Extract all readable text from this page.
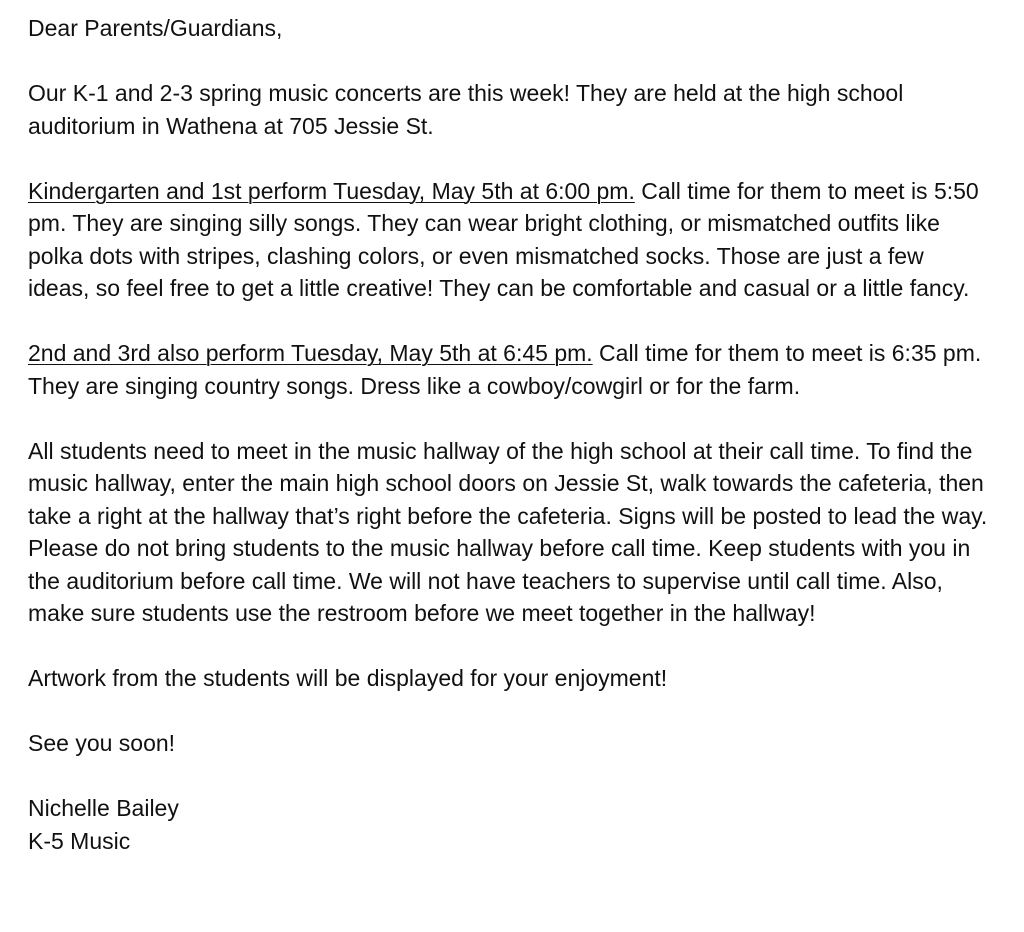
Dear Parents/Guardians,

Our K-1 and 2-3 spring music concerts are this week! They are held at the high school auditorium in Wathena at 705 Jessie St.

Kindergarten and 1st perform Tuesday, May 5th at 6:00 pm. Call time for them to meet is 5:50 pm. They are singing silly songs. They can wear bright clothing, or mismatched outfits like polka dots with stripes, clashing colors, or even mismatched socks. Those are just a few ideas, so feel free to get a little creative! They can be comfortable and casual or a little fancy.

2nd and 3rd also perform Tuesday, May 5th at 6:45 pm. Call time for them to meet is 6:35 pm. They are singing country songs. Dress like a cowboy/cowgirl or for the farm.

All students need to meet in the music hallway of the high school at their call time. To find the music hallway, enter the main high school doors on Jessie St, walk towards the cafeteria, then take a right at the hallway that’s right before the cafeteria. Signs will be posted to lead the way. Please do not bring students to the music hallway before call time. Keep students with you in the auditorium before call time. We will not have teachers to supervise until call time. Also, make sure students use the restroom before we meet together in the hallway!

Artwork from the students will be displayed for your enjoyment!

See you soon!

Nichelle Bailey

K-5 Music
